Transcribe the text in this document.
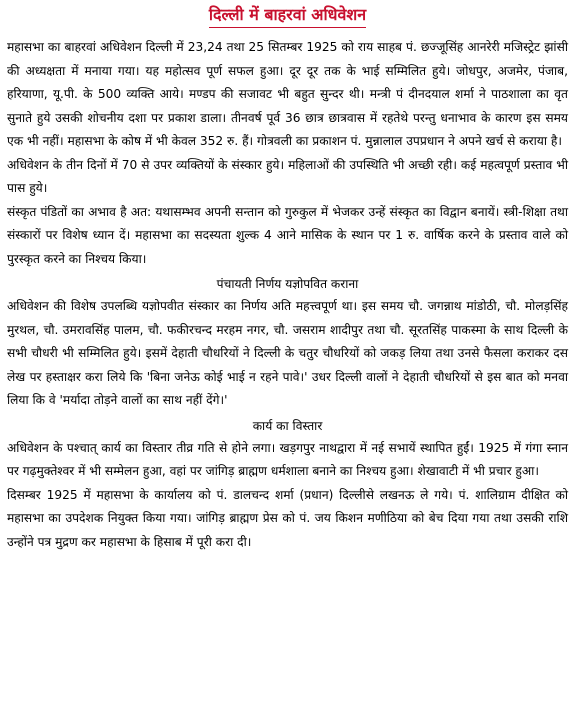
दिल्ली में बाहरवां अधिवेशन

महासभा का बाहरवां अधिवेशन दिल्ली में 23,24 तथा 25 सितम्बर 1925 को राय साहब पं. छज्जूसिंह आनरेरी मजिस्ट्रेट झांसी की अध्यक्षता में मनाया गया। यह महोत्सव पूर्ण सफल हुआ। दूर दूर तक के भाई सम्मिलित हुये। जोधपुर, अजमेर, पंजाब, हरियाणा, यू.पी. के 500 व्यक्ति आये। मण्डप की सजावट भी बहुत सुन्दर थी। मन्त्री पं दीनदयाल शर्मा ने पाठशाला का वृत सुनाते हुये उसकी शोचनीय दशा पर प्रकाश डाला। तीनवर्ष पूर्व 36 छात्र छात्रवास में रहतेथे परन्तु धनाभाव के कारण इस समय एक भी नहीं। महासभा के कोष में भी केवल 352 रु. हैं। गोत्रवली का प्रकाशन पं. मुन्नालाल उपप्रधान ने अपने खर्च से कराया है।

अधिवेशन के तीन दिनों में 70 से उपर व्यक्तियों के संस्कार हुये। महिलाओं की उपस्थिति भी अच्छी रही। कई महत्वपूर्ण प्रस्ताव भी पास हुये।

संस्कृत पंडितों का अभाव है अत: यथासम्भव अपनी सन्तान को गुरुकुल में भेजकर उन्हें संस्कृत का विद्वान बनायें। स्त्री-शिक्षा तथा संस्कारों पर विशेष ध्यान दें। महासभा का सदस्यता शुल्क 4 आने मासिक के स्थान पर 1 रु. वार्षिक करने के प्रस्ताव वाले को पुरस्कृत करने का निश्चय किया।

पंचायती निर्णय यज्ञोपवित कराना

अधिवेशन की विशेष उपलब्धि यज्ञोपवीत संस्कार का निर्णय अति महत्त्वपूर्ण था। इस समय चौ. जगन्नाथ मांडोठी, चौ. मोलड़सिंह मुरथल, चौ. उमरावसिंह पालम, चौ. फकीरचन्द मरहम नगर, चौ. जसराम शादीपुर तथा चौ. सूरतसिंह पाकस्मा के साथ दिल्ली के सभी चौधरी भी सम्मिलित हुये। इसमें देहाती चौधरियों ने दिल्ली के चतुर चौधरियों को जकड़ लिया तथा उनसे फैसला कराकर दस लेख पर हस्ताक्षर करा लिये कि 'बिना जनेऊ कोई भाई न रहने पावे।' उधर दिल्ली वालों ने देहाती चौधरियों से इस बात को मनवा लिया कि वे 'मर्यादा तोड़ने वालों का साथ नहीं देंगे।'

कार्य का विस्तार

अधिवेशन के पश्चात् कार्य का विस्तार तीव्र गति से होने लगा। खड़गपुर नाथद्वारा में नई सभायें स्थापित हुईं। 1925 में गंगा स्नान पर गढ़मुक्तेश्वर में भी सम्मेलन हुआ, वहां पर जांगिड़ ब्राह्मण धर्मशाला बनाने का निश्चय हुआ। शेखावाटी में भी प्रचार हुआ।

दिसम्बर 1925 में महासभा के कार्यालय को पं. डालचन्द शर्मा (प्रधान) दिल्लीसे लखनऊ ले गये। पं. शालिग्राम दीक्षित को महासभा का उपदेशक नियुक्त किया गया। जांगिड़ ब्राह्मण प्रेस को पं. जय किशन मणीठिया को बेच दिया गया तथा उसकी राशि उन्होंने पत्र मुद्रण कर महासभा के हिसाब में पूरी करा दी।
